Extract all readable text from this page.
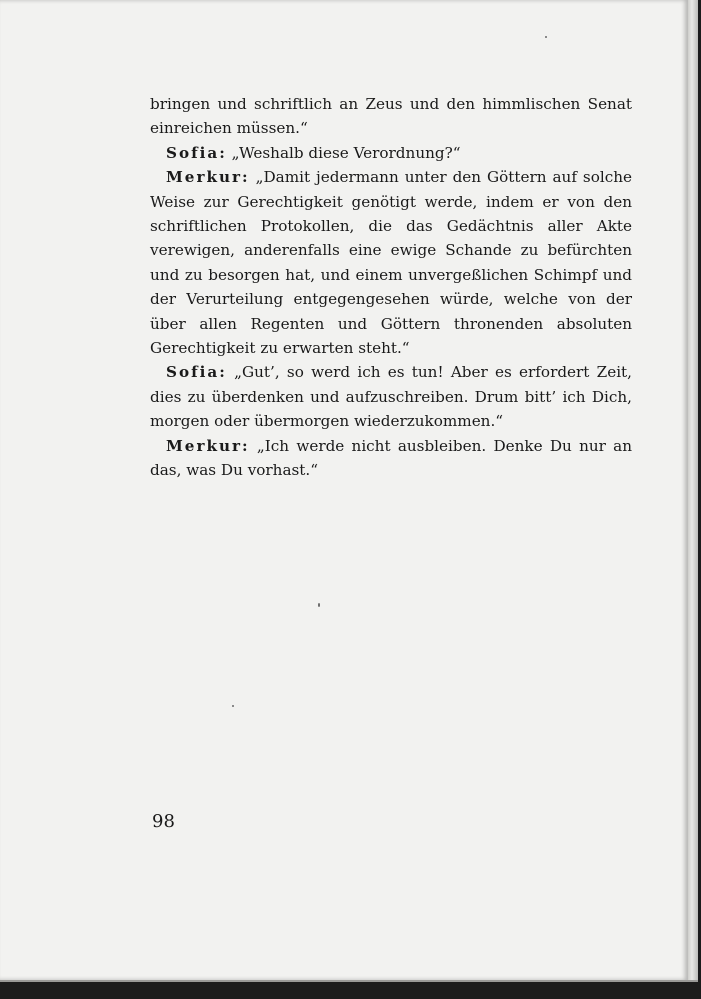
bringen und schriftlich an Zeus und den himmlischen Senat einreichen müssen.“

Sofia: „Weshalb diese Verordnung?“

Merkur: „Damit jedermann unter den Göttern auf solche Weise zur Gerechtigkeit genötigt werde, indem er von den schriftlichen Protokollen, die das Gedächtnis aller Akte verewigen, anderenfalls eine ewige Schande zu befürchten und zu besorgen hat, und einem unvergeßlichen Schimpf und der Verurteilung entgegengesehen würde, welche von der über allen Regenten und Göttern thronenden absoluten Gerechtigkeit zu erwarten steht.“

Sofia: „Gut’, so werd ich es tun! Aber es erfordert Zeit, dies zu überdenken und aufzuschreiben. Drum bitt’ ich Dich, morgen oder übermorgen wiederzukommen.“

Merkur: „Ich werde nicht ausbleiben. Denke Du nur an das, was Du vorhast.“

98
